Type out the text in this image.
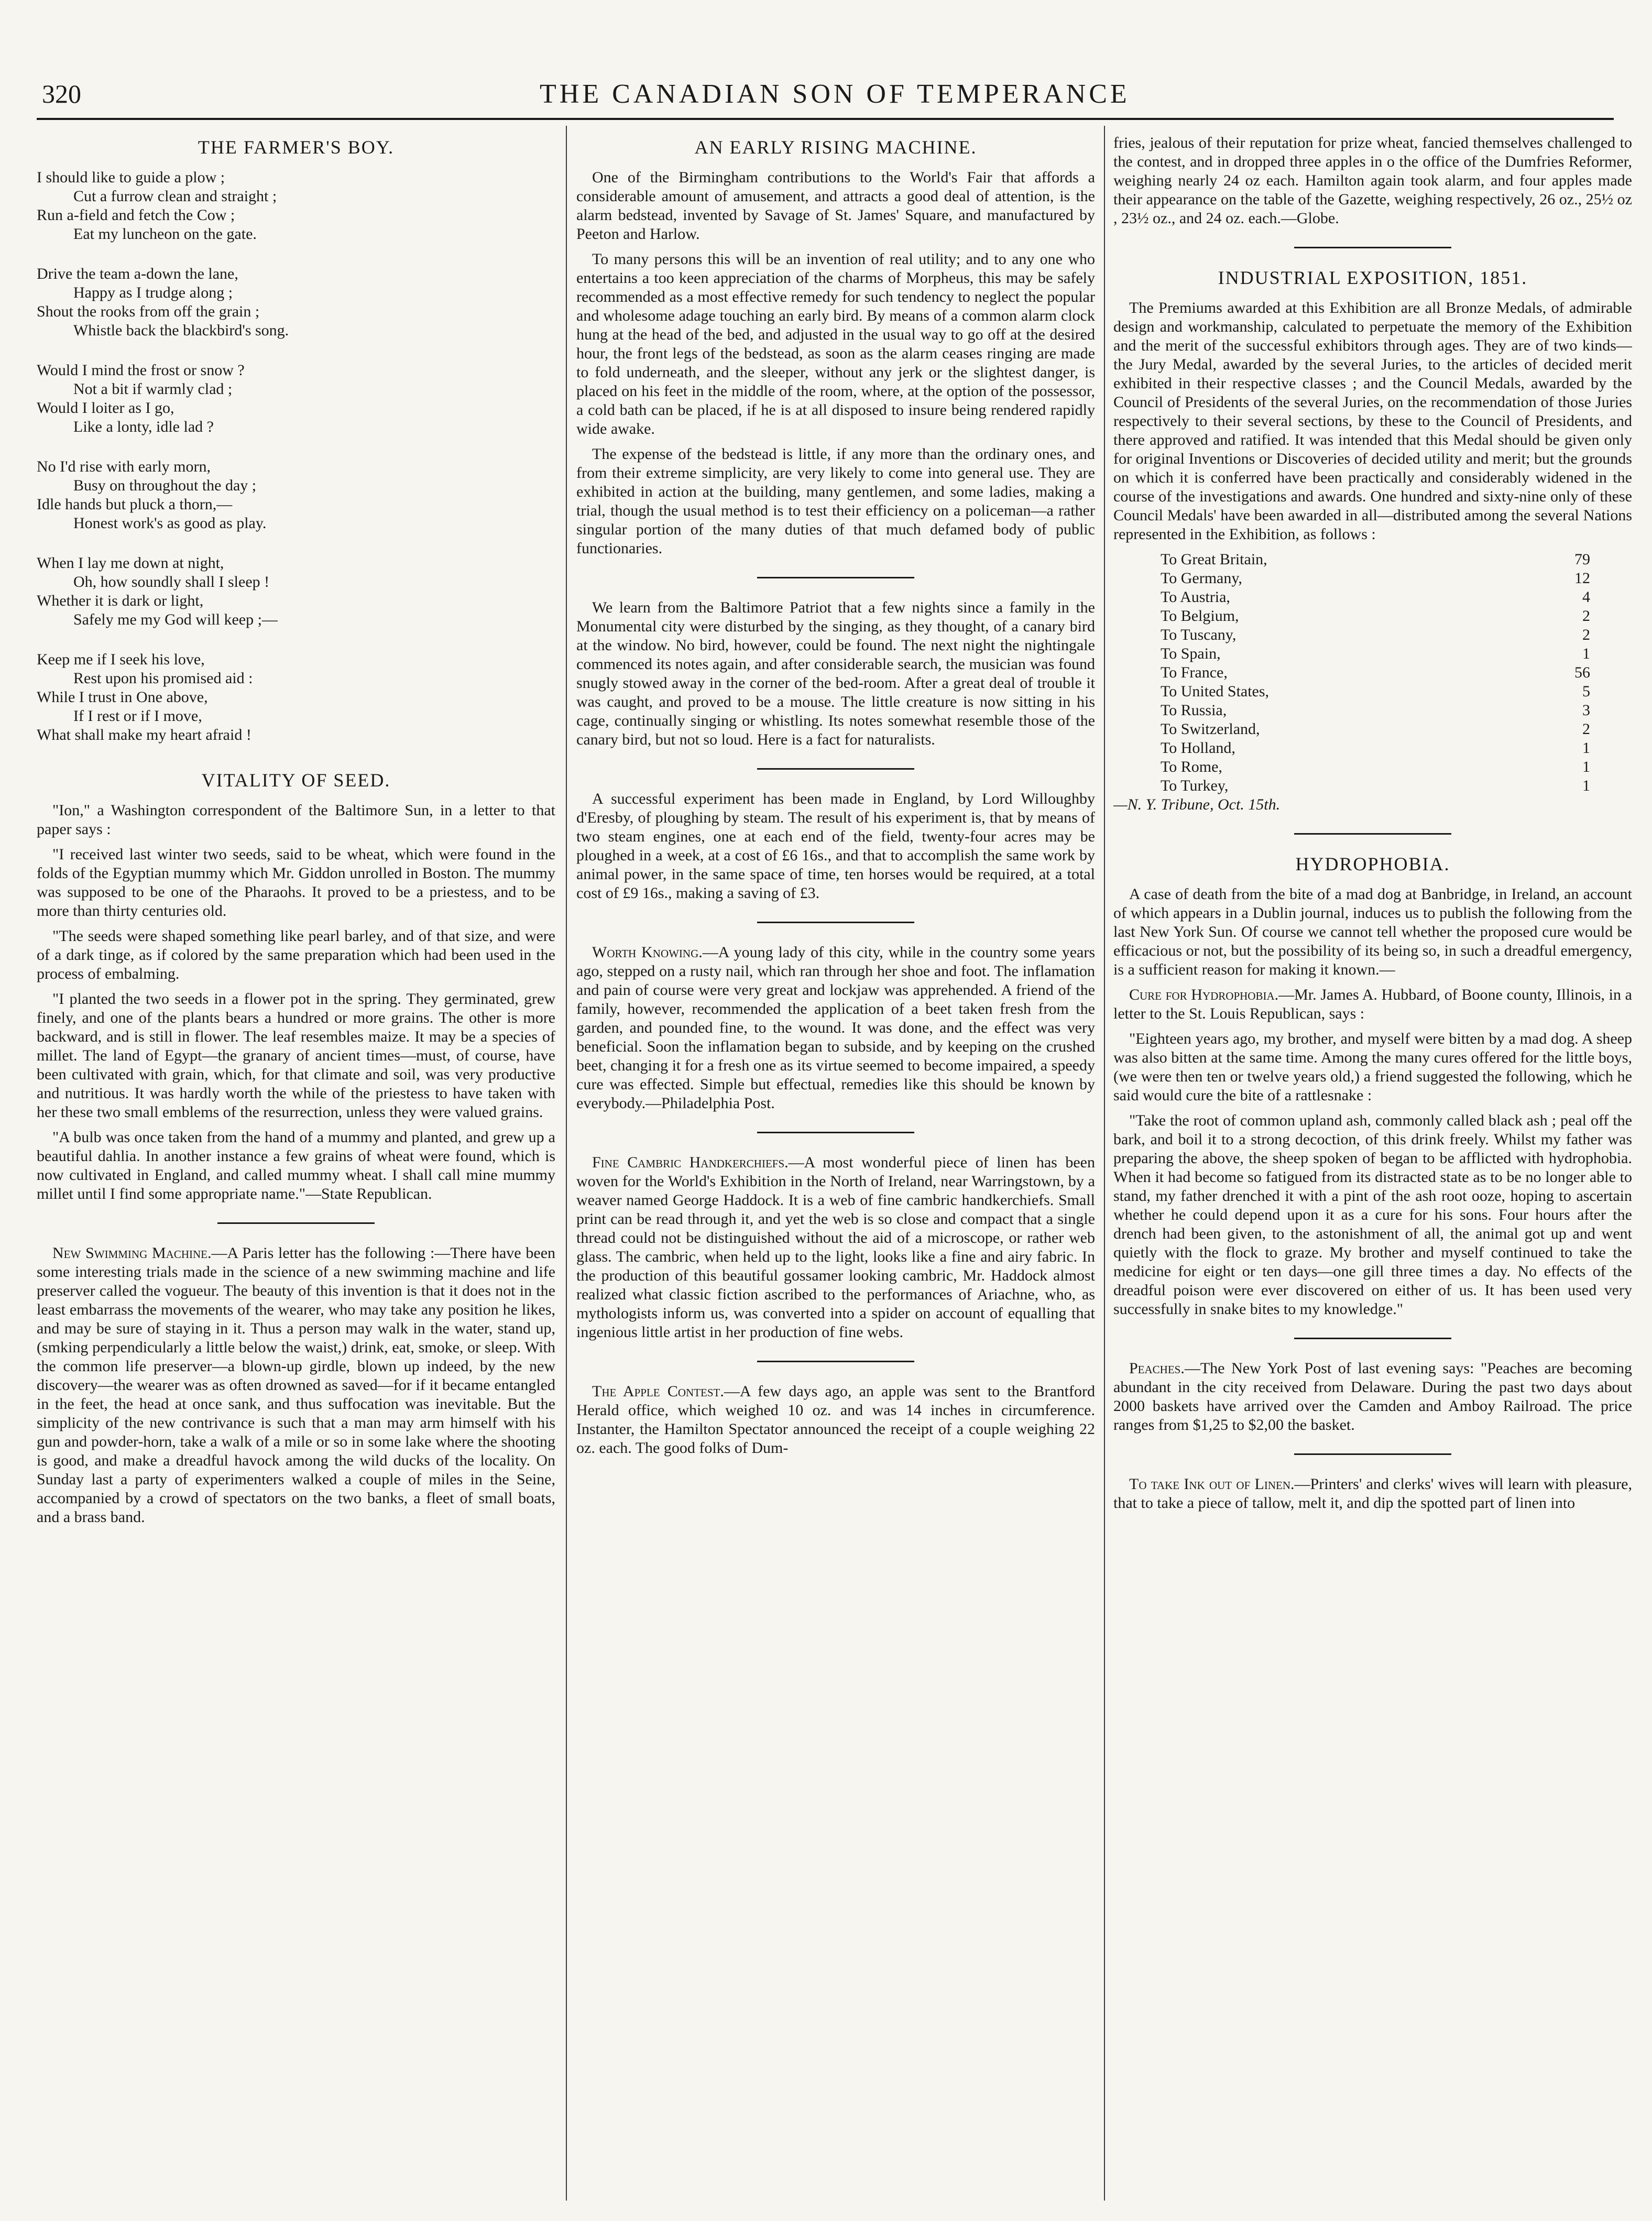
320	THE CANADIAN SON OF TEMPERANCE
THE FARMER'S BOY.
I should like to guide a plow ;
Cut a furrow clean and straight ;
Run a-field and fetch the Cow ;
Eat my luncheon on the gate.
Drive the team a-down the lane,
Happy as I trudge along ;
Shout the rooks from off the grain ;
Whistle back the blackbird's song.
Would I mind the frost or snow ?
Not a bit if warmly clad ;
Would I loiter as I go,
Like a lonty, idle lad ?
No I'd rise with early morn,
Busy on throughout the day ;
Idle hands but pluck a thorn,—
Honest work's as good as play.
When I lay me down at night,
Oh, how soundly shall I sleep !
Whether it is dark or light,
Safely me my God will keep ;—
Keep me if I seek his love,
Rest upon his promised aid :
While I trust in One above,
If I rest or if I move,
What shall make my heart afraid !
VITALITY OF SEED.

"Ion," a Washington correspondent of the Baltimore Sun, in a letter to that paper says :

"I received last winter two seeds, said to be wheat, which were found in the folds of the Egyptian mummy which Mr. Giddon unrolled in Boston. The mummy was supposed to be one of the Pharaohs. It proved to be a priestess, and to be more than thirty centuries old.

"The seeds were shaped something like pearl barley, and of that size, and were of a dark tinge, as if colored by the same preparation which had been used in the process of embalming.

"I planted the two seeds in a flower pot in the spring. They germinated, grew finely, and one of the plants bears a hundred or more grains. The other is more backward, and is still in flower. The leaf resembles maize. It may be a species of millet. The land of Egypt—the granary of ancient times—must, of course, have been cultivated with grain, which, for that climate and soil, was very productive and nutritious. It was hardly worth the while of the priestess to have taken with her these two small emblems of the resurrection, unless they were valued grains.

"A bulb was once taken from the hand of a mummy and planted, and grew up a beautiful dahlia. In another instance a few grains of wheat were found, which is now cultivated in England, and called mummy wheat. I shall call mine mummy millet until I find some appropriate name."—State Republican.

New Swimming Machine.—A Paris letter has the following :—There have been some interesting trials made in the science of a new swimming machine and life preserver called the vogueur. The beauty of this invention is that it does not in the least embarrass the movements of the wearer, who may take any position he likes, and may be sure of staying in it. Thus a person may walk in the water, stand up, (smking perpendicularly a little below the waist,) drink, eat, smoke, or sleep. With the common life preserver—a blown-up girdle, blown up indeed, by the new discovery—the wearer was as often drowned as saved—for if it became entangled in the feet, the head at once sank, and thus suffocation was inevitable. But the simplicity of the new contrivance is such that a man may arm himself with his gun and powder-horn, take a walk of a mile or so in some lake where the shooting is good, and make a dreadful havock among the wild ducks of the locality. On Sunday last a party of experimenters walked a couple of miles in the Seine, accompanied by a crowd of spectators on the two banks, a fleet of small boats, and a brass band.

AN EARLY RISING MACHINE.

One of the Birmingham contributions to the World's Fair that affords a considerable amount of amusement, and attracts a good deal of attention, is the alarm bedstead, invented by Savage of St. James' Square, and manufactured by Peeton and Harlow.

To many persons this will be an invention of real utility; and to any one who entertains a too keen appreciation of the charms of Morpheus, this may be safely recommended as a most effective remedy for such tendency to neglect the popular and wholesome adage touching an early bird. By means of a common alarm clock hung at the head of the bed, and adjusted in the usual way to go off at the desired hour, the front legs of the bedstead, as soon as the alarm ceases ringing are made to fold underneath, and the sleeper, without any jerk or the slightest danger, is placed on his feet in the middle of the room, where, at the option of the possessor, a cold bath can be placed, if he is at all disposed to insure being rendered rapidly wide awake.

The expense of the bedstead is little, if any more than the ordinary ones, and from their extreme simplicity, are very likely to come into general use. They are exhibited in action at the building, many gentlemen, and some ladies, making a trial, though the usual method is to test their efficiency on a policeman—a rather singular portion of the many duties of that much defamed body of public functionaries.

We learn from the Baltimore Patriot that a few nights since a family in the Monumental city were disturbed by the singing, as they thought, of a canary bird at the window. No bird, however, could be found. The next night the nightingale commenced its notes again, and after considerable search, the musician was found snugly stowed away in the corner of the bed-room. After a great deal of trouble it was caught, and proved to be a mouse. The little creature is now sitting in his cage, continually singing or whistling. Its notes somewhat resemble those of the canary bird, but not so loud. Here is a fact for naturalists.

A successful experiment has been made in England, by Lord Willoughby d'Eresby, of ploughing by steam. The result of his experiment is, that by means of two steam engines, one at each end of the field, twenty-four acres may be ploughed in a week, at a cost of £6 16s., and that to accomplish the same work by animal power, in the same space of time, ten horses would be required, at a total cost of £9 16s., making a saving of £3.

Worth Knowing.—A young lady of this city, while in the country some years ago, stepped on a rusty nail, which ran through her shoe and foot. The inflamation and pain of course were very great and lockjaw was apprehended. A friend of the family, however, recommended the application of a beet taken fresh from the garden, and pounded fine, to the wound. It was done, and the effect was very beneficial. Soon the inflamation began to subside, and by keeping on the crushed beet, changing it for a fresh one as its virtue seemed to become impaired, a speedy cure was effected. Simple but effectual, remedies like this should be known by everybody.—Philadelphia Post.

Fine Cambric Handkerchiefs.—A most wonderful piece of linen has been woven for the World's Exhibition in the North of Ireland, near Warringstown, by a weaver named George Haddock. It is a web of fine cambric handkerchiefs. Small print can be read through it, and yet the web is so close and compact that a single thread could not be distinguished without the aid of a microscope, or rather web glass. The cambric, when held up to the light, looks like a fine and airy fabric. In the production of this beautiful gossamer looking cambric, Mr. Haddock almost realized what classic fiction ascribed to the performances of Ariachne, who, as mythologists inform us, was converted into a spider on account of equalling that ingenious little artist in her production of fine webs.

The Apple Contest.—A few days ago, an apple was sent to the Brantford Herald office, which weighed 10 oz. and was 14 inches in circumference. Instanter, the Hamilton Spectator announced the receipt of a couple weighing 22 oz. each. The good folks of Dum-

fries, jealous of their reputation for prize wheat, fancied themselves challenged to the contest, and in dropped three apples in o the office of the Dumfries Reformer, weighing nearly 24 oz each. Hamilton again took alarm, and four apples made their appearance on the table of the Gazette, weighing respectively, 26 oz., 25½ oz , 23½ oz., and 24 oz. each.—Globe.

INDUSTRIAL EXPOSITION, 1851.

The Premiums awarded at this Exhibition are all Bronze Medals, of admirable design and workmanship, calculated to perpetuate the memory of the Exhibition and the merit of the successful exhibitors through ages. They are of two kinds—the Jury Medal, awarded by the several Juries, to the articles of decided merit exhibited in their respective classes ; and the Council Medals, awarded by the Council of Presidents of the several Juries, on the recommendation of those Juries respectively to their several sections, by these to the Council of Presidents, and there approved and ratified. It was intended that this Medal should be given only for original Inventions or Discoveries of decided utility and merit; but the grounds on which it is conferred have been practically and considerably widened in the course of the investigations and awards. One hundred and sixty-nine only of these Council Medals' have been awarded in all—distributed among the several Nations represented in the Exhibition, as follows :

To Great Britain,	79
To Germany,	12
To Austria,	4
To Belgium,	2
To Tuscany,	2
To Spain,	1
To France,	56
To United States,	5
To Russia,	3
To Switzerland,	2
To Holland,	1
To Rome,	1
To Turkey,	1

—N. Y. Tribune, Oct. 15th.

HYDROPHOBIA.

A case of death from the bite of a mad dog at Banbridge, in Ireland, an account of which appears in a Dublin journal, induces us to publish the following from the last New York Sun. Of course we cannot tell whether the proposed cure would be efficacious or not, but the possibility of its being so, in such a dreadful emergency, is a sufficient reason for making it known.—

Cure for Hydrophobia.—Mr. James A. Hubbard, of Boone county, Illinois, in a letter to the St. Louis Republican, says :

"Eighteen years ago, my brother, and myself were bitten by a mad dog. A sheep was also bitten at the same time. Among the many cures offered for the little boys, (we were then ten or twelve years old,) a friend suggested the following, which he said would cure the bite of a rattlesnake :

"Take the root of common upland ash, commonly called black ash ; peal off the bark, and boil it to a strong decoction, of this drink freely. Whilst my father was preparing the above, the sheep spoken of began to be afflicted with hydrophobia. When it had become so fatigued from its distracted state as to be no longer able to stand, my father drenched it with a pint of the ash root ooze, hoping to ascertain whether he could depend upon it as a cure for his sons. Four hours after the drench had been given, to the astonishment of all, the animal got up and went quietly with the flock to graze. My brother and myself continued to take the medicine for eight or ten days—one gill three times a day. No effects of the dreadful poison were ever discovered on either of us. It has been used very successfully in snake bites to my knowledge."

Peaches.—The New York Post of last evening says: "Peaches are becoming abundant in the city received from Delaware. During the past two days about 2000 baskets have arrived over the Camden and Amboy Railroad. The price ranges from $1,25 to $2,00 the basket.

To take Ink out of Linen.—Printers' and clerks' wives will learn with pleasure, that to take a piece of tallow, melt it, and dip the spotted part of linen into
